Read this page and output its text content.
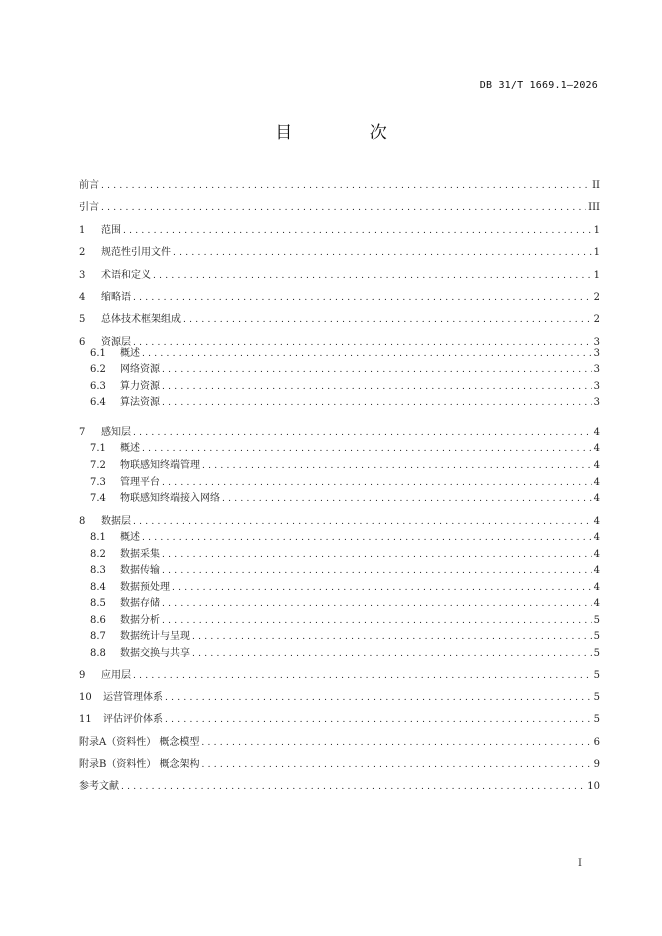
DB 31/T 1669.1—2026
目 次
前言 . . .	II
引言 . . .	III
1	范围 . . .	1
2	规范性引用文件 . . .	1
3	术语和定义 . . .	1
4	缩略语 . . .	2
5	总体技术框架组成 . . .	2
6	资源层 . . .	3
6.1	概述 . . .	3
6.2	网络资源 . . .	3
6.3	算力资源 . . .	3
6.4	算法资源 . . .	3
7	感知层 . . .	4
7.1	概述 . . .	4
7.2	物联感知终端管理 . . .	4
7.3	管理平台 . . .	4
7.4	物联感知终端接入网络 . . .	4
8	数据层 . . .	4
8.1	概述 . . .	4
8.2	数据采集 . . .	4
8.3	数据传输 . . .	4
8.4	数据预处理 . . .	4
8.5	数据存储 . . .	4
8.6	数据分析 . . .	5
8.7	数据统计与呈现 . . .	5
8.8	数据交换与共享 . . .	5
9	应用层 . . .	5
10	运营管理体系 . . .	5
11	评估评价体系 . . .	5
附录A（资料性） 概念模型 . . .	6
附录B（资料性） 概念架构 . . .	9
参考文献 . . .	10
I
